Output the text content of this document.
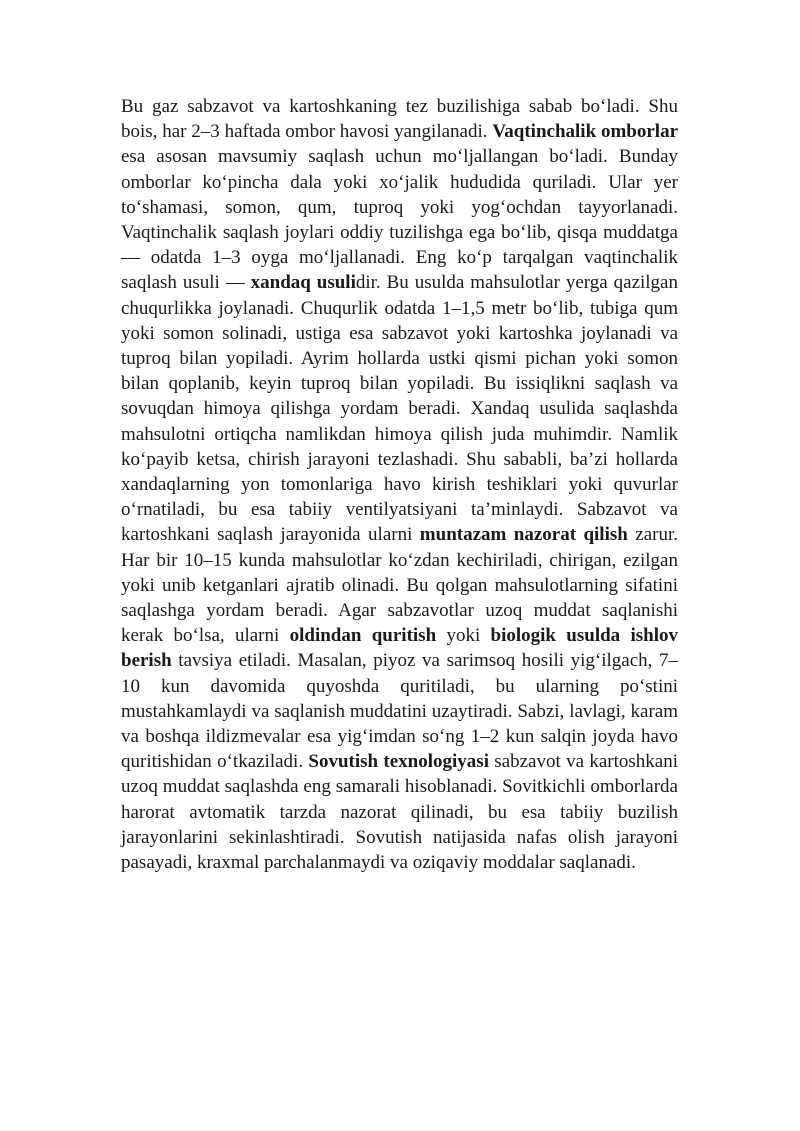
Bu gaz sabzavot va kartoshkaning tez buzilishiga sabab bo‘ladi. Shu bois, har 2–3 haftada ombor havosi yangilanadi. Vaqtinchalik omborlar esa asosan mavsumiy saqlash uchun mo‘ljallangan bo‘ladi. Bunday omborlar ko‘pincha dala yoki xo‘jalik hududida quriladi. Ular yer to‘shamasi, somon, qum, tuproq yoki yog‘ochdan tayyorlanadi. Vaqtinchalik saqlash joylari oddiy tuzilishga ega bo‘lib, qisqa muddatga — odatda 1–3 oyga mo‘ljallanadi. Eng ko‘p tarqalgan vaqtinchalik saqlash usuli — xandaq usulidir. Bu usulda mahsulotlar yerga qazilgan chuqurlikka joylanadi. Chuqurlik odatda 1–1,5 metr bo‘lib, tubiga qum yoki somon solinadi, ustiga esa sabzavot yoki kartoshka joylanadi va tuproq bilan yopiladi. Ayrim hollarda ustki qismi pichan yoki somon bilan qoplanib, keyin tuproq bilan yopiladi. Bu issiqlikni saqlash va sovuqdan himoya qilishga yordam beradi. Xandaq usulida saqlashda mahsulotni ortiqcha namlikdan himoya qilish juda muhimdir. Namlik ko‘payib ketsa, chirish jarayoni tezlashadi. Shu sababli, ba’zi hollarda xandaqlarning yon tomonlariga havo kirish teshiklari yoki quvurlar o‘rnatiladi, bu esa tabiiy ventilyatsiyani ta’minlaydi. Sabzavot va kartoshkani saqlash jarayonida ularni muntazam nazorat qilish zarur. Har bir 10–15 kunda mahsulotlar ko‘zdan kechiriladi, chirigan, ezilgan yoki unib ketganlari ajratib olinadi. Bu qolgan mahsulotlarning sifatini saqlashga yordam beradi. Agar sabzavotlar uzoq muddat saqlanishi kerak bo‘lsa, ularni oldindan quritish yoki biologik usulda ishlov berish tavsiya etiladi. Masalan, piyoz va sarimsoq hosili yig‘ilgach, 7–10 kun davomida quyoshda quritiladi, bu ularning po‘stini mustahkamlaydi va saqlanish muddatini uzaytiradi. Sabzi, lavlagi, karam va boshqa ildizmevalar esa yig‘imdan so‘ng 1–2 kun salqin joyda havo quritishidan o‘tkaziladi. Sovutish texnologiyasi sabzavot va kartoshkani uzoq muddat saqlashda eng samarali hisoblanadi. Sovitkichli omborlarda harorat avtomatik tarzda nazorat qilinadi, bu esa tabiiy buzilish jarayonlarini sekinlashtiradi. Sovutish natijasida nafas olish jarayoni pasayadi, kraxmal parchalanmaydi va oziqaviy moddalar saqlanadi.
